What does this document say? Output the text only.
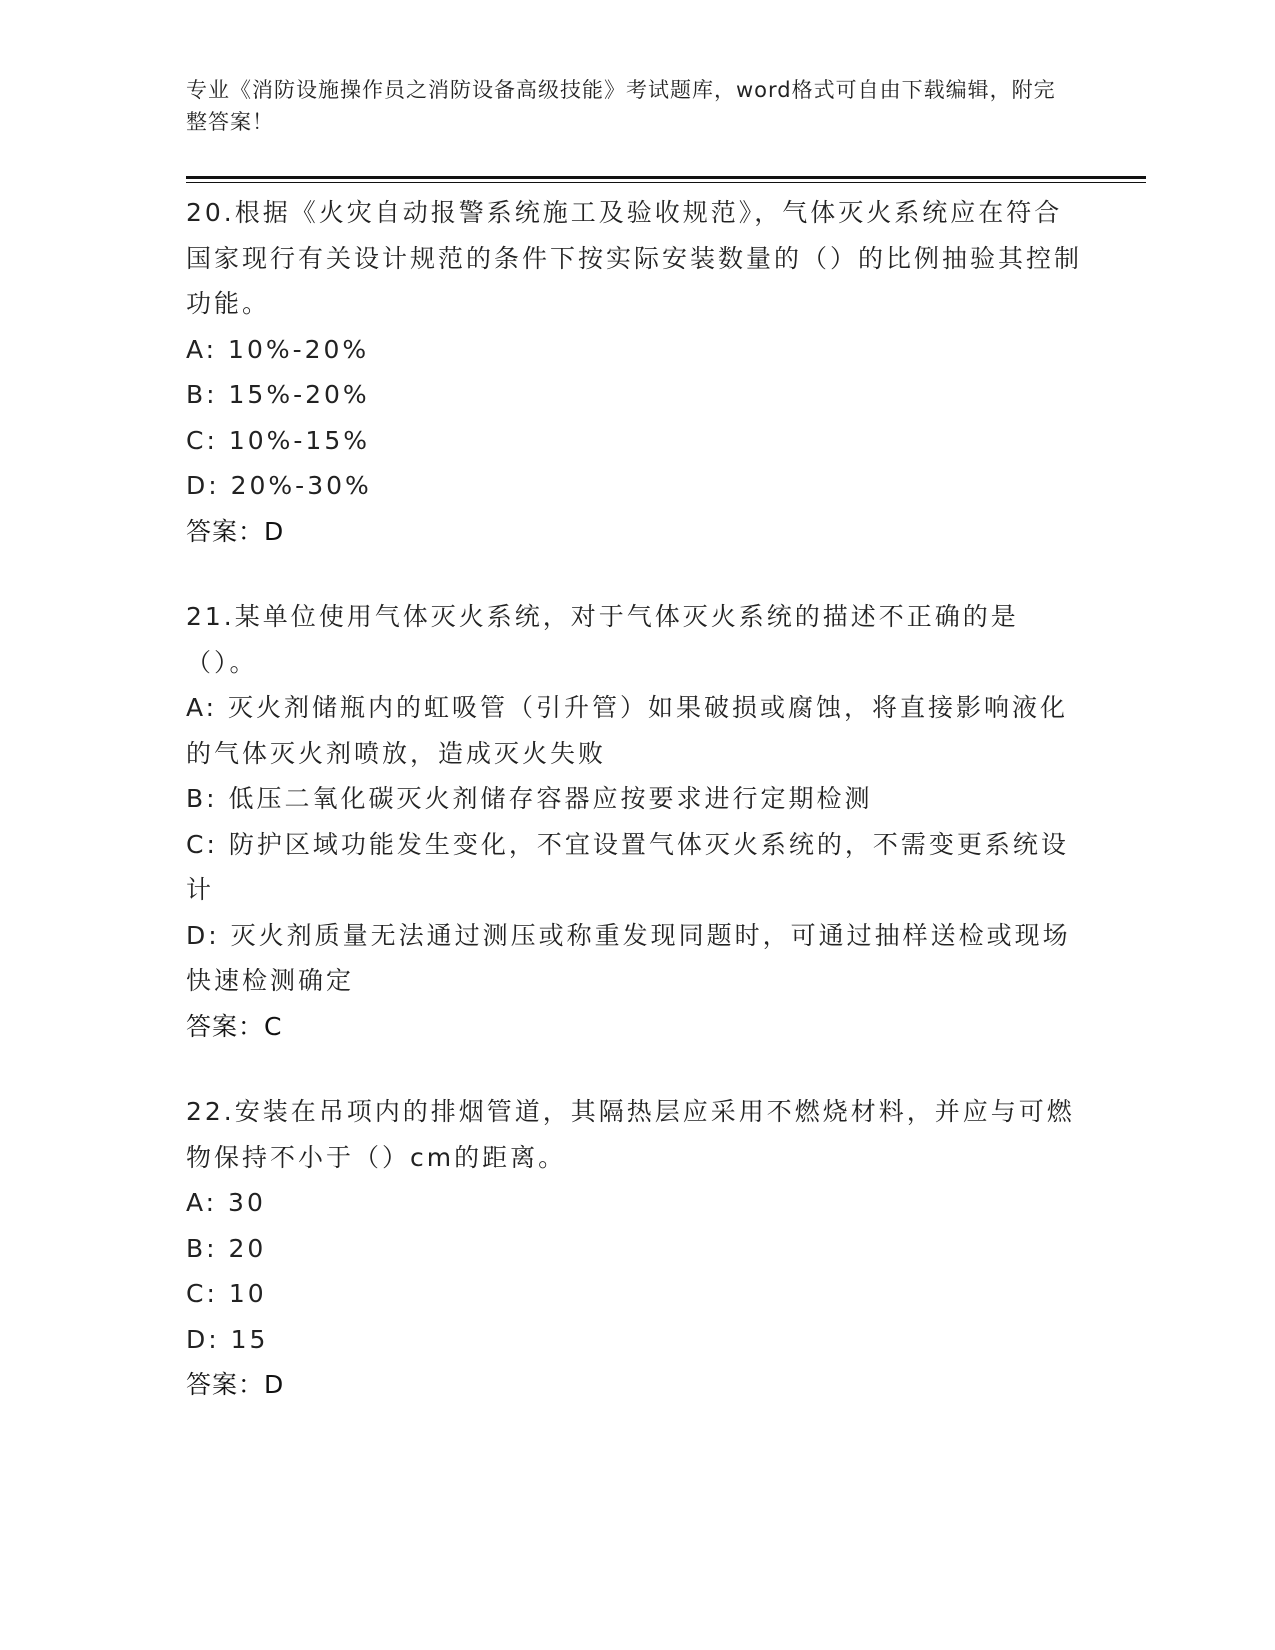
专业《消防设施操作员之消防设备高级技能》考试题库，word格式可自由下载编辑，附完整答案！
20.根据《火灾自动报警系统施工及验收规范》，气体灭火系统应在符合国家现行有关设计规范的条件下按实际安装数量的（）的比例抽验其控制功能。
A: 10%-20%
B: 15%-20%
C: 10%-15%
D: 20%-30%
答案：D
21.某单位使用气体灭火系统，对于气体灭火系统的描述不正确的是（）。
A: 灭火剂储瓶内的虹吸管（引升管）如果破损或腐蚀，将直接影响液化的气体灭火剂喷放，造成灭火失败
B: 低压二氧化碳灭火剂储存容器应按要求进行定期检测
C: 防护区域功能发生变化，不宜设置气体灭火系统的，不需变更系统设计
D: 灭火剂质量无法通过测压或称重发现同题时，可通过抽样送检或现场快速检测确定
答案：C
22.安装在吊项内的排烟管道，其隔热层应采用不燃烧材料，并应与可燃物保持不小于（）cm的距离。
A: 30
B: 20
C: 10
D: 15
答案：D
